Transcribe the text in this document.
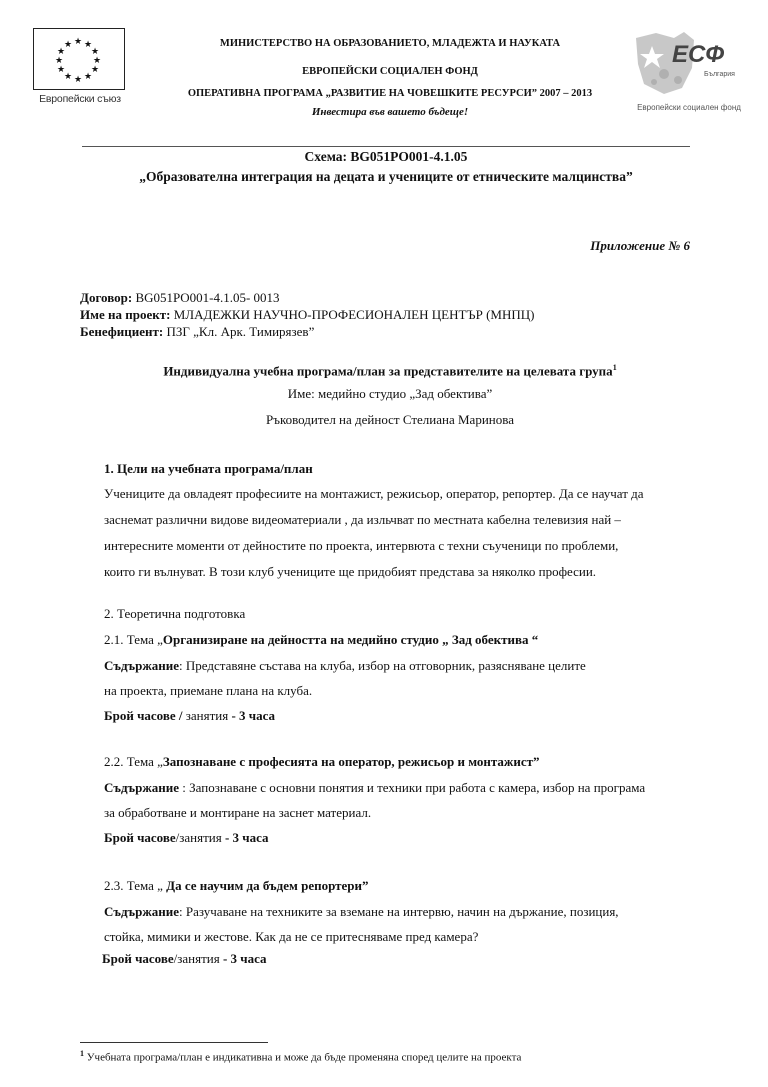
★ ★
★
★
★
★
★
★
★
★
★
★
Европейски съюз
МИНИСТЕРСТВО НА ОБРАЗОВАНИЕТО, МЛАДЕЖТА И НАУКАТА
ЕВРОПЕЙСКИ СОЦИАЛЕН ФОНД
ОПЕРАТИВНА ПРОГРАМА „РАЗВИТИЕ НА ЧОВЕШКИТЕ РЕСУРСИ” 2007 – 2013
Инвестира във вашето бъдеще!
ЕСФ
България
Европейски социален фонд
Схема: BG051PO001-4.1.05
„Образователна интеграция на децата и учениците от етническите малцинства”
Приложение № 6
Договор: BG051PO001-4.1.05- 0013
Име на проект: МЛАДЕЖКИ НАУЧНО-ПРОФЕСИОНАЛЕН ЦЕНТЪР (МНПЦ)
Бенефициент: ПЗГ „Кл. Арк. Тимирязев”
Индивидуална учебна програма/план за представителите на целевата група$^1$
Име: медийно студио „Зад обектива”
Ръководител на дейност Стелиана Маринова
1. Цели на учебната програма/план
Учениците да овладеят професиите на монтажист, режисьор, оператор, репортер. Да се научат да
заснемат различни видове видеоматериали , да изльчват по местната кабелна телевизия най –
интересните моменти от дейностите по проекта, интервюта с техни съученици по проблеми,
които ги вълнуват. В този клуб учениците ще придобият представа за няколко професии.
2. Теоретична подготовка
2.1. Тема „Организиране на дейността на медийно студио „ Зад обектива “
Съдържание: Представяне състава на клуба, избор на отговорник, разясняване целите
на проекта, приемане плана на клуба.
Брой часове / занятия - 3 часа
2.2. Тема „Запознаване с професията на оператор, режисьор и монтажист”
Съдържание : Запознаване с основни понятия и техники при работа с камера, избор на програма
за обработване и монтиране на заснет материал.
Брой часове/занятия - 3 часа
2.3. Тема „ Да се научим да бъдем репортери”
Съдържание: Разучаване на техниките за вземане на интервю, начин на държание, позиция,
стойка, мимики и жестове. Как да не се притесняваме пред камера?
Брой часове/занятия - 3 часа
$^1$ Учебната програма/план е индикативна и може да бъде променяна според целите на проекта
